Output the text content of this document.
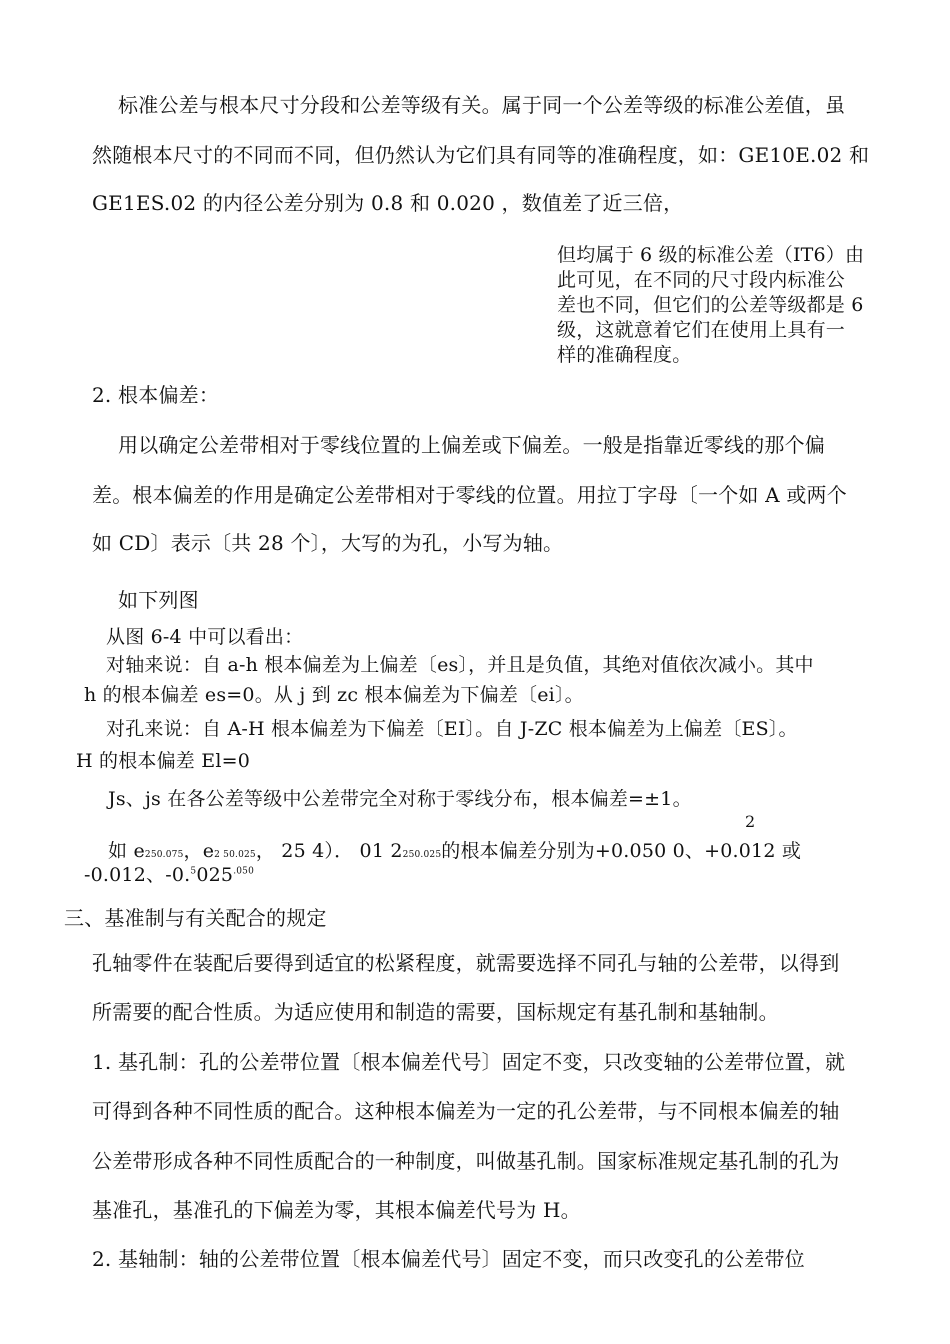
标准公差与根本尺寸分段和公差等级有关。属于同一个公差等级的标准公差值，虽
然随根本尺寸的不同而不同，但仍然认为它们具有同等的准确程度，如：GE10E.02 和
GE1ES.02 的内径公差分别为 0.8 和 0.020 ，数值差了近三倍，
但均属于 6 级的标准公差（IT6）由
此可见，在不同的尺寸段内标准公
差也不同，但它们的公差等级都是 6
级，这就意着它们在使用上具有一
样的准确程度。
2. 根本偏差：
用以确定公差带相对于零线位置的上偏差或下偏差。一般是指靠近零线的那个偏
差。根本偏差的作用是确定公差带相对于零线的位置。用拉丁字母〔一个如 A 或两个
如 CD〕表示〔共 28 个〕，大写的为孔，小写为轴。
如下列图
从图 6-4 中可以看出：
对轴来说：自 a-h 根本偏差为上偏差〔es〕，并且是负值，其绝对值依次减小。其中
h 的根本偏差 es=0。从 j 到 zc 根本偏差为下偏差〔ei〕。
对孔来说：自 A-H 根本偏差为下偏差〔EI〕。自 J-ZC 根本偏差为上偏差〔ES〕。
H 的根本偏差 El=0
Js、js 在各公差等级中公差带完全对称于零线分布，根本偏差=±1。
2
如 e250.075，e2 50.025， 25 4）． 01 2250.025的根本偏差分别为+0.050 0、+0.012 或
-0.012、$-0.^5025^{.050}$
三、基准制与有关配合的规定
孔轴零件在装配后要得到适宜的松紧程度，就需要选择不同孔与轴的公差带，以得到
所需要的配合性质。为适应使用和制造的需要，国标规定有基孔制和基轴制。
1. 基孔制：孔的公差带位置〔根本偏差代号〕固定不变，只改变轴的公差带位置，就
可得到各种不同性质的配合。这种根本偏差为一定的孔公差带，与不同根本偏差的轴
公差带形成各种不同性质配合的一种制度，叫做基孔制。国家标准规定基孔制的孔为
基准孔，基准孔的下偏差为零，其根本偏差代号为 H。
2. 基轴制：轴的公差带位置〔根本偏差代号〕固定不变，而只改变孔的公差带位
